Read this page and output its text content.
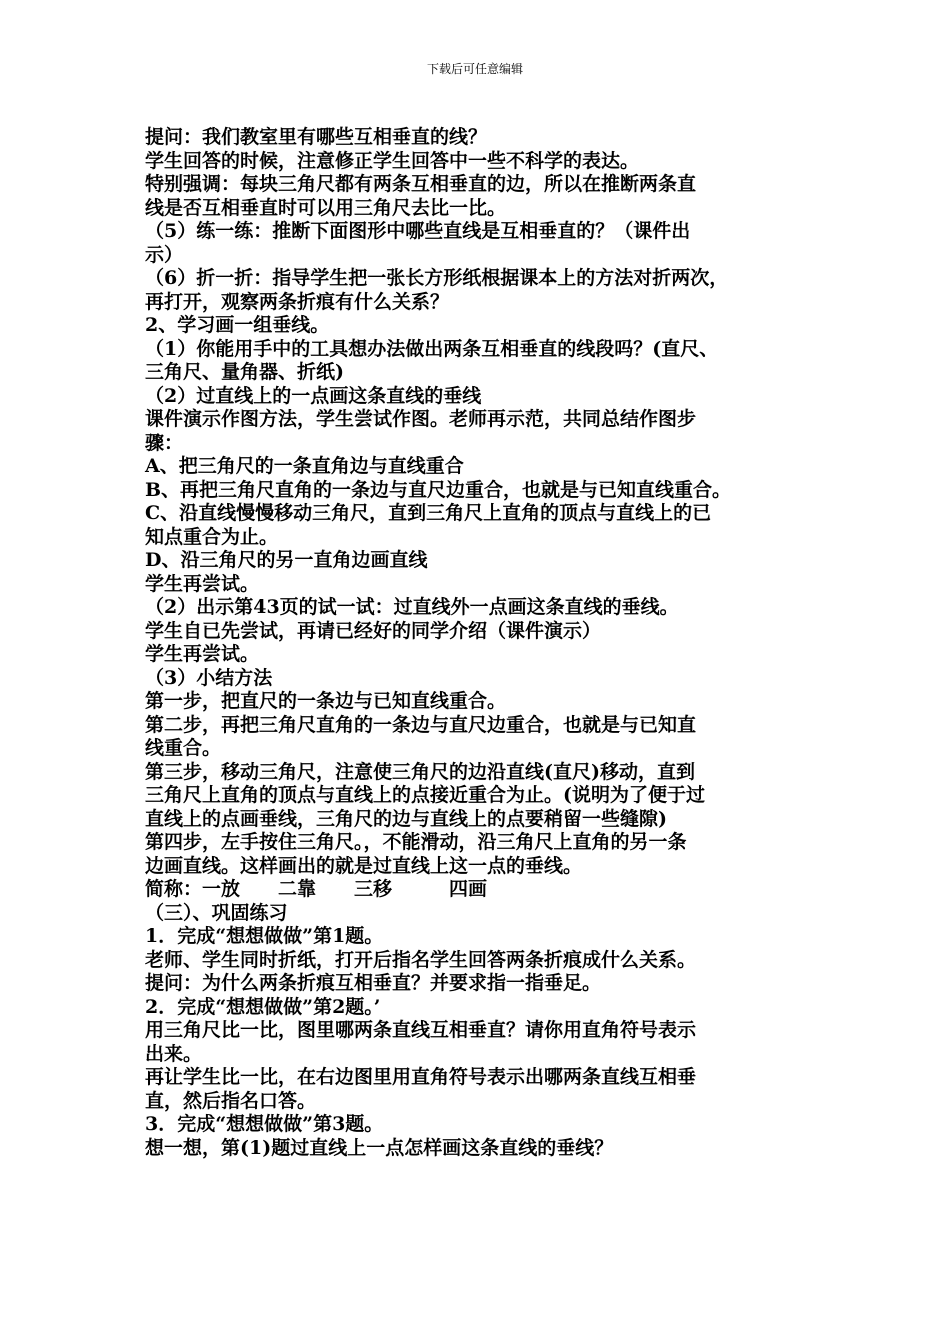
下载后可任意编辑
提问：我们教室里有哪些互相垂直的线？
学生回答的时候，注意修正学生回答中一些不科学的表达。
特别强调：每块三角尺都有两条互相垂直的边，所以在推断两条直
线是否互相垂直时可以用三角尺去比一比。
（5）练一练：推断下面图形中哪些直线是互相垂直的？（课件出
示）
（6）折一折：指导学生把一张长方形纸根据课本上的方法对折两次，
再打开，观察两条折痕有什么关系？
2、学习画一组垂线。
（1）你能用手中的工具想办法做出两条互相垂直的线段吗？(直尺、
三角尺、量角器、折纸)
（2）过直线上的一点画这条直线的垂线
课件演示作图方法，学生尝试作图。老师再示范，共同总结作图步
骤：
A、把三角尺的一条直角边与直线重合
B、再把三角尺直角的一条边与直尺边重合，也就是与已知直线重合。
C、沿直线慢慢移动三角尺，直到三角尺上直角的顶点与直线上的已
知点重合为止。
D、沿三角尺的另一直角边画直线
学生再尝试。
（2）出示第43页的试一试：过直线外一点画这条直线的垂线。
学生自已先尝试，再请已经好的同学介绍（课件演示）
学生再尝试。
（3）小结方法
第一步，把直尺的一条边与已知直线重合。
第二步，再把三角尺直角的一条边与直尺边重合，也就是与已知直
线重合。
第三步，移动三角尺，注意使三角尺的边沿直线(直尺)移动，直到
三角尺上直角的顶点与直线上的点接近重合为止。(说明为了便于过
直线上的点画垂线，三角尺的边与直线上的点要稍留一些缝隙)
第四步，左手按住三角尺。，不能滑动，沿三角尺上直角的另一条
边画直线。这样画出的就是过直线上这一点的垂线。
简称：一放　　二靠　　三移　　　四画
（三）、巩固练习
1．完成“想想做做”第1题。
老师、学生同时折纸，打开后指名学生回答两条折痕成什么关系。
提问：为什么两条折痕互相垂直？并要求指一指垂足。
2．完成“想想做做”第2题。’
用三角尺比一比，图里哪两条直线互相垂直？请你用直角符号表示
出来。
再让学生比一比，在右边图里用直角符号表示出哪两条直线互相垂
直，然后指名口答。
3．完成“想想做做”第3题。
想一想，第(1)题过直线上一点怎样画这条直线的垂线？
